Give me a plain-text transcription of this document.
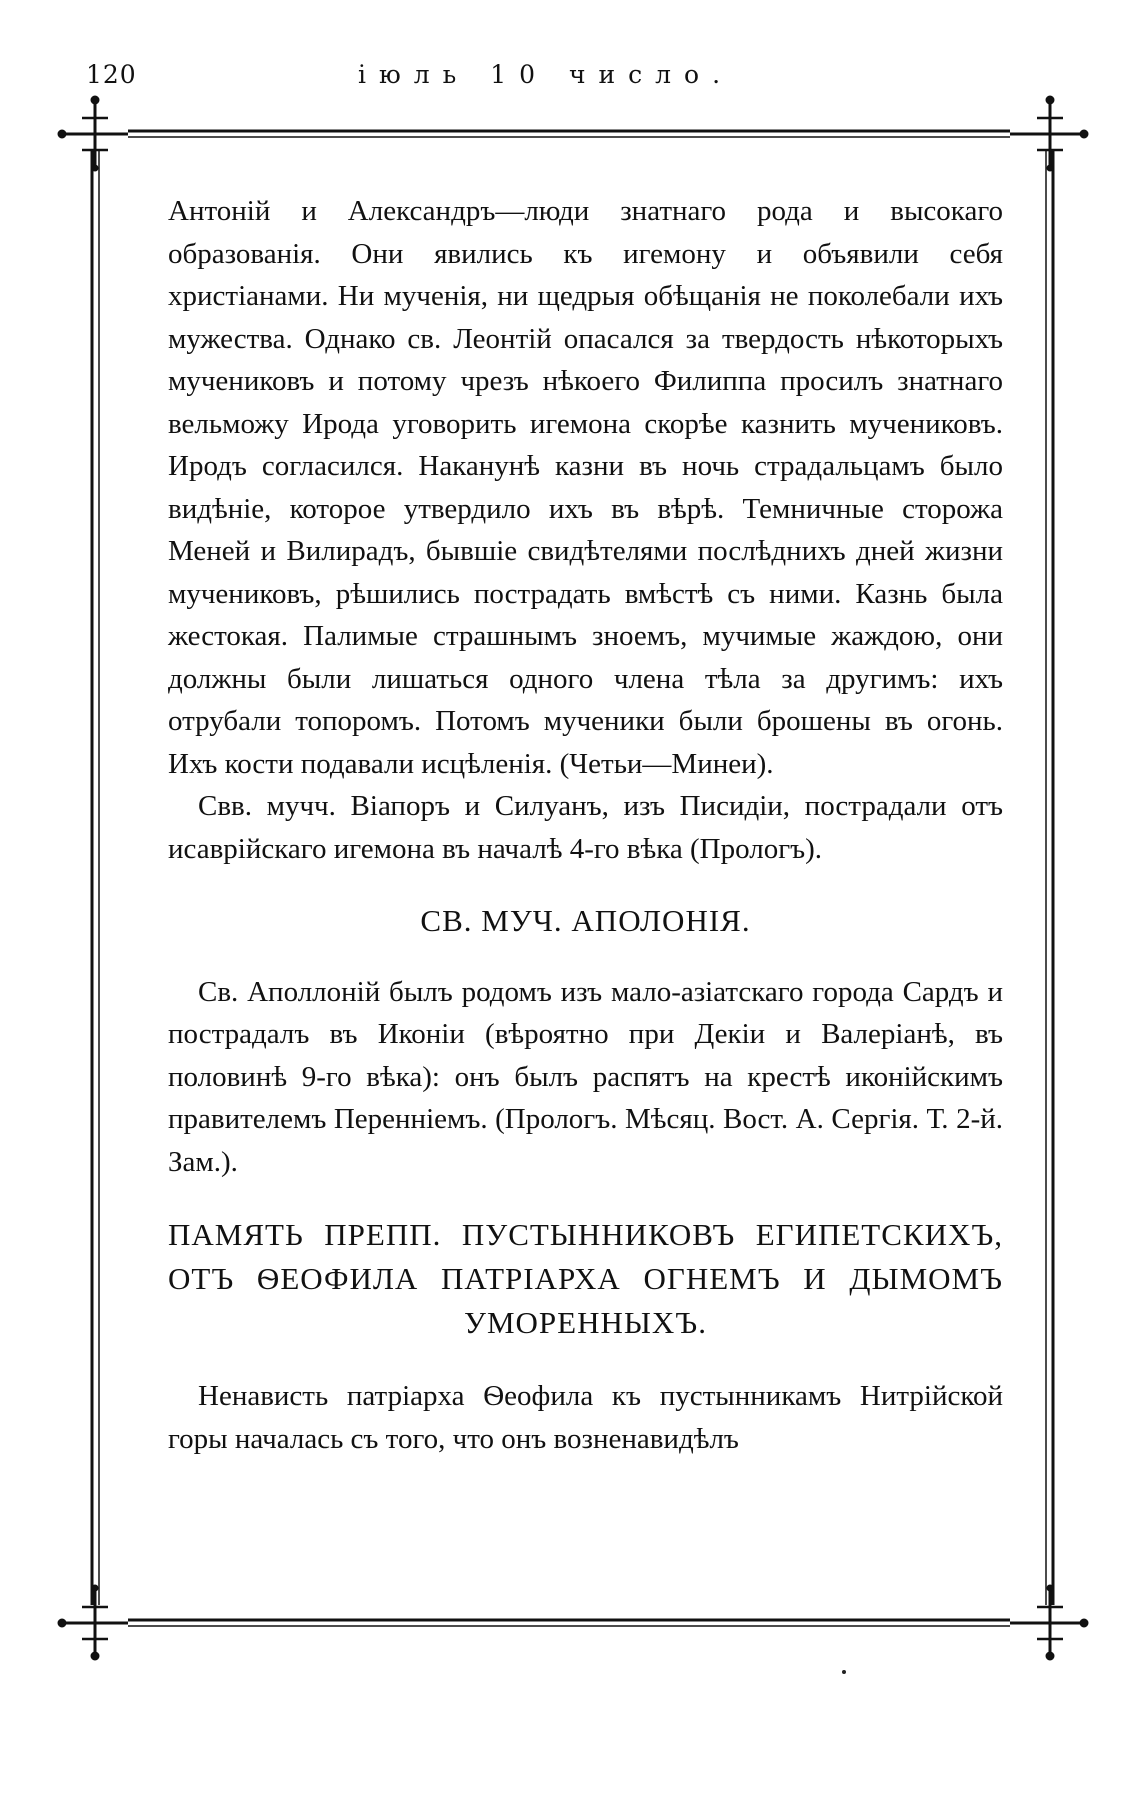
120	іюль 10 число.

Антоній и Александръ—люди знатнаго рода и высокаго образованія. Они явились къ игемону и объявили себя христіанами. Ни мученія, ни щедрыя обѣщанія не поколебали ихъ мужества. Однако св. Леонтій опасался за твердость нѣкоторыхъ мучениковъ и потому чрезъ нѣкоего Филиппа просилъ знатнаго вельможу Ирода уговорить игемона скорѣе казнить мучениковъ. Иродъ согласился. Наканунѣ казни въ ночь страдальцамъ было видѣніе, которое утвердило ихъ въ вѣрѣ. Темничные сторожа Меней и Вилирадъ, бывшіе свидѣтелями послѣднихъ дней жизни мучениковъ, рѣшились пострадать вмѣстѣ съ ними. Казнь была жестокая. Палимые страшнымъ зноемъ, мучимые жаждою, они должны были лишаться одного члена тѣла за другимъ: ихъ отрубали топоромъ. Потомъ мученики были брошены въ огонь. Ихъ кости подавали исцѣленія. (Четьи—Минеи).

Свв. мучч. Віапоръ и Силуанъ, изъ Писидіи, пострадали отъ исаврійскаго игемона въ началѣ 4-го вѣка (Прологъ).

СВ. МУЧ. АПОЛОНІЯ.

Св. Аполлоній былъ родомъ изъ мало-азіатскаго города Сардъ и пострадалъ въ Иконіи (вѣроятно при Декіи и Валеріанѣ, въ половинѣ 9-го вѣка): онъ былъ распятъ на крестѣ иконійскимъ правителемъ Переннiемъ. (Прологъ. Мѣсяц. Вост. А. Сергія. Т. 2-й. Зам.).

ПАМЯТЬ ПРЕПП. ПУСТЫННИКОВЪ ЕГИПЕТСКИХЪ, ОТЪ ѲЕОФИЛА ПАТРІАРХА ОГНЕМЪ И ДЫМОМЪ УМОРЕННЫХЪ.

Ненависть патріарха Ѳеофила къ пустынникамъ Нитрійской горы началась съ того, что онъ возненавидѣлъ
